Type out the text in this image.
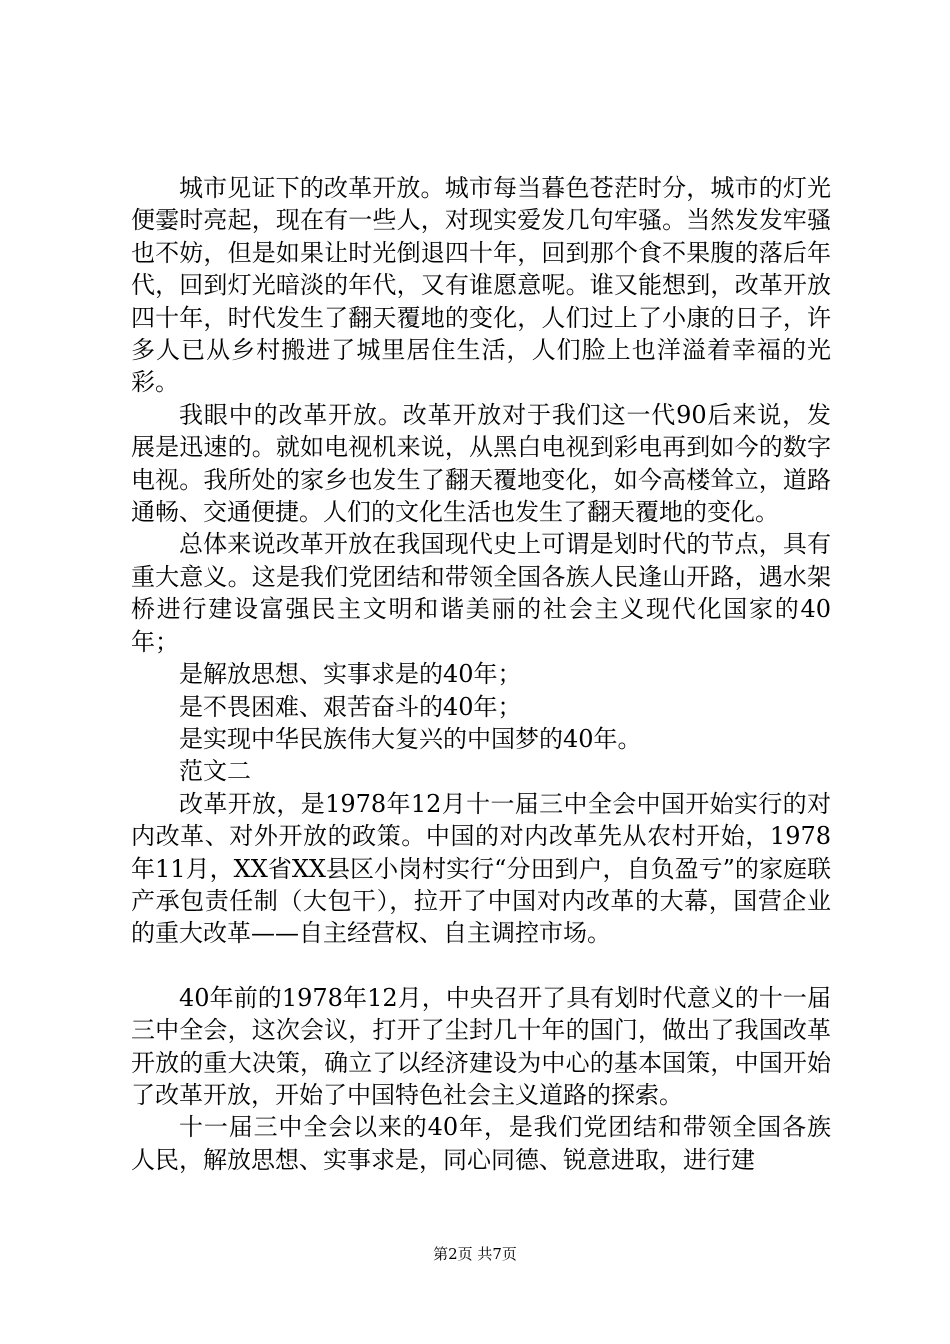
城市见证下的改革开放。城市每当暮色苍茫时分，城市的灯光便霎时亮起，现在有一些人，对现实爱发几句牢骚。当然发发牢骚也不妨，但是如果让时光倒退四十年，回到那个食不果腹的落后年代，回到灯光暗淡的年代，又有谁愿意呢。谁又能想到，改革开放四十年，时代发生了翻天覆地的变化，人们过上了小康的日子，许多人已从乡村搬进了城里居住生活，人们脸上也洋溢着幸福的光彩。

我眼中的改革开放。改革开放对于我们这一代90后来说，发展是迅速的。就如电视机来说，从黑白电视到彩电再到如今的数字电视。我所处的家乡也发生了翻天覆地变化，如今高楼耸立，道路通畅、交通便捷。人们的文化生活也发生了翻天覆地的变化。

总体来说改革开放在我国现代史上可谓是划时代的节点，具有重大意义。这是我们党团结和带领全国各族人民逢山开路，遇水架桥进行建设富强民主文明和谐美丽的社会主义现代化国家的40年；

是解放思想、实事求是的40年；

是不畏困难、艰苦奋斗的40年；

是实现中华民族伟大复兴的中国梦的40年。

范文二

改革开放，是1978年12月十一届三中全会中国开始实行的对内改革、对外开放的政策。中国的对内改革先从农村开始，1978年11月，XX省XX县区小岗村实行“分田到户，自负盈亏”的家庭联产承包责任制（大包干），拉开了中国对内改革的大幕，国营企业的重大改革——自主经营权、自主调控市场。

40年前的1978年12月，中央召开了具有划时代意义的十一届三中全会，这次会议，打开了尘封几十年的国门，做出了我国改革开放的重大决策，确立了以经济建设为中心的基本国策，中国开始了改革开放，开始了中国特色社会主义道路的探索。

十一届三中全会以来的40年，是我们党团结和带领全国各族人民，解放思想、实事求是，同心同德、锐意进取，进行建

第2页 共7页
